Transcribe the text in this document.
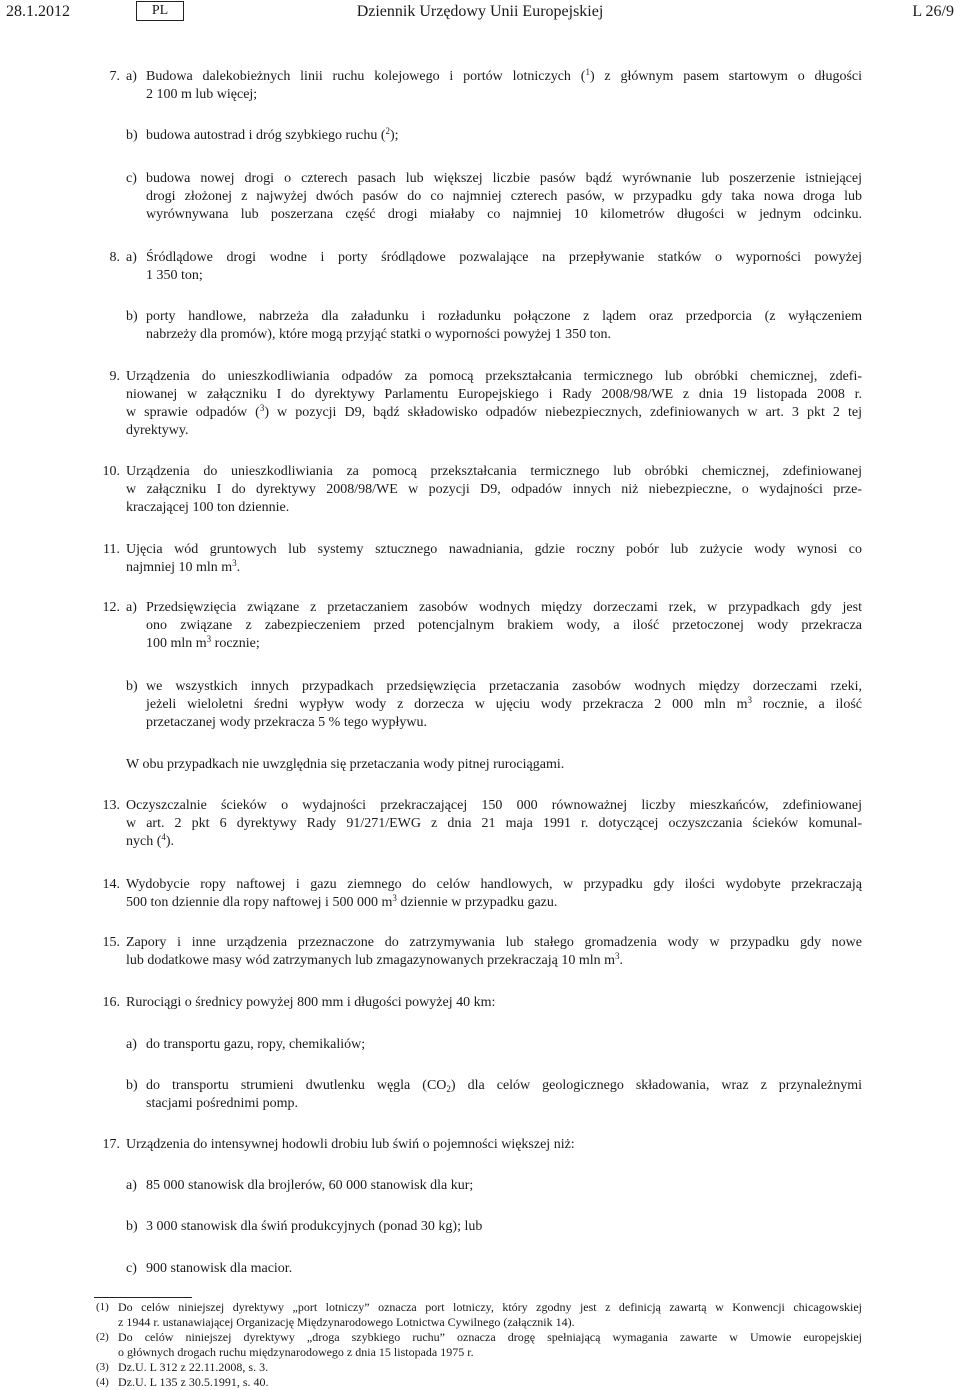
28.1.2012	PL	Dziennik Urzędowy Unii Europejskiej	L 26/9
7. a) Budowa dalekobieżnych linii ruchu kolejowego i portów lotniczych ($^1$) z głównym pasem startowym o długości
2 100 m lub więcej;
b) budowa autostrad i dróg szybkiego ruchu ($^2$);
c) budowa nowej drogi o czterech pasach lub większej liczbie pasów bądź wyrównanie lub poszerzenie istniejącej
drogi złożonej z najwyżej dwóch pasów do co najmniej czterech pasów, w przypadku gdy taka nowa droga lub
wyrównywana lub poszerzana część drogi miałaby co najmniej 10 kilometrów długości w jednym odcinku.
8. a) Śródlądowe drogi wodne i porty śródlądowe pozwalające na przepływanie statków o wyporności powyżej
1 350 ton;
b) porty handlowe, nabrzeża dla załadunku i rozładunku połączone z lądem oraz przedporcia (z wyłączeniem
nabrzeży dla promów), które mogą przyjąć statki o wyporności powyżej 1 350 ton.
9. Urządzenia do unieszkodliwiania odpadów za pomocą przekształcania termicznego lub obróbki chemicznej, zdefi-
niowanej w załączniku I do dyrektywy Parlamentu Europejskiego i Rady 2008/98/WE z dnia 19 listopada 2008 r.
w sprawie odpadów ($^3$) w pozycji D9, bądź składowisko odpadów niebezpiecznych, zdefiniowanych w art. 3 pkt 2 tej
dyrektywy.
10. Urządzenia do unieszkodliwiania za pomocą przekształcania termicznego lub obróbki chemicznej, zdefiniowanej
w załączniku I do dyrektywy 2008/98/WE w pozycji D9, odpadów innych niż niebezpieczne, o wydajności prze-
kraczającej 100 ton dziennie.
11. Ujęcia wód gruntowych lub systemy sztucznego nawadniania, gdzie roczny pobór lub zużycie wody wynosi co
najmniej 10 mln $m^3$.
12. a) Przedsięwzięcia związane z przetaczaniem zasobów wodnych między dorzeczami rzek, w przypadkach gdy jest
ono związane z zabezpieczeniem przed potencjalnym brakiem wody, a ilość przetoczonej wody przekracza
100 mln $m^3$ rocznie;
b) we wszystkich innych przypadkach przedsięwzięcia przetaczania zasobów wodnych między dorzeczami rzeki,
jeżeli wieloletni średni wypływ wody z dorzecza w ujęciu wody przekracza 2 000 mln $m^3$ rocznie, a ilość
przetaczanej wody przekracza 5 % tego wypływu.
W obu przypadkach nie uwzględnia się przetaczania wody pitnej rurociągami.
13. Oczyszczalnie ścieków o wydajności przekraczającej 150 000 równoważnej liczby mieszkańców, zdefiniowanej
w art. 2 pkt 6 dyrektywy Rady 91/271/EWG z dnia 21 maja 1991 r. dotyczącej oczyszczania ścieków komunal-
nych ($^4$).
14. Wydobycie ropy naftowej i gazu ziemnego do celów handlowych, w przypadku gdy ilości wydobyte przekraczają
500 ton dziennie dla ropy naftowej i 500 000 $m^3$ dziennie w przypadku gazu.
15. Zapory i inne urządzenia przeznaczone do zatrzymywania lub stałego gromadzenia wody w przypadku gdy nowe
lub dodatkowe masy wód zatrzymanych lub zmagazynowanych przekraczają 10 mln $m^3$.
16. Rurociągi o średnicy powyżej 800 mm i długości powyżej 40 km:
a) do transportu gazu, ropy, chemikaliów;
b) do transportu strumieni dwutlenku węgla $(CO_2)$ dla celów geologicznego składowania, wraz z przynależnymi
stacjami pośrednimi pomp.
17. Urządzenia do intensywnej hodowli drobiu lub świń o pojemności większej niż:
a) 85 000 stanowisk dla brojlerów, 60 000 stanowisk dla kur;
b) 3 000 stanowisk dla świń produkcyjnych (ponad 30 kg); lub
c) 900 stanowisk dla macior.
(1) Do celów niniejszej dyrektywy „port lotniczy” oznacza port lotniczy, który zgodny jest z definicją zawartą w Konwencji chicagowskiej
z 1944 r. ustanawiającej Organizację Międzynarodowego Lotnictwa Cywilnego (załącznik 14).
(2) Do celów niniejszej dyrektywy „droga szybkiego ruchu” oznacza drogę spełniającą wymagania zawarte w Umowie europejskiej
o głównych drogach ruchu międzynarodowego z dnia 15 listopada 1975 r.
(3) Dz.U. L 312 z 22.11.2008, s. 3.
(4) Dz.U. L 135 z 30.5.1991, s. 40.
